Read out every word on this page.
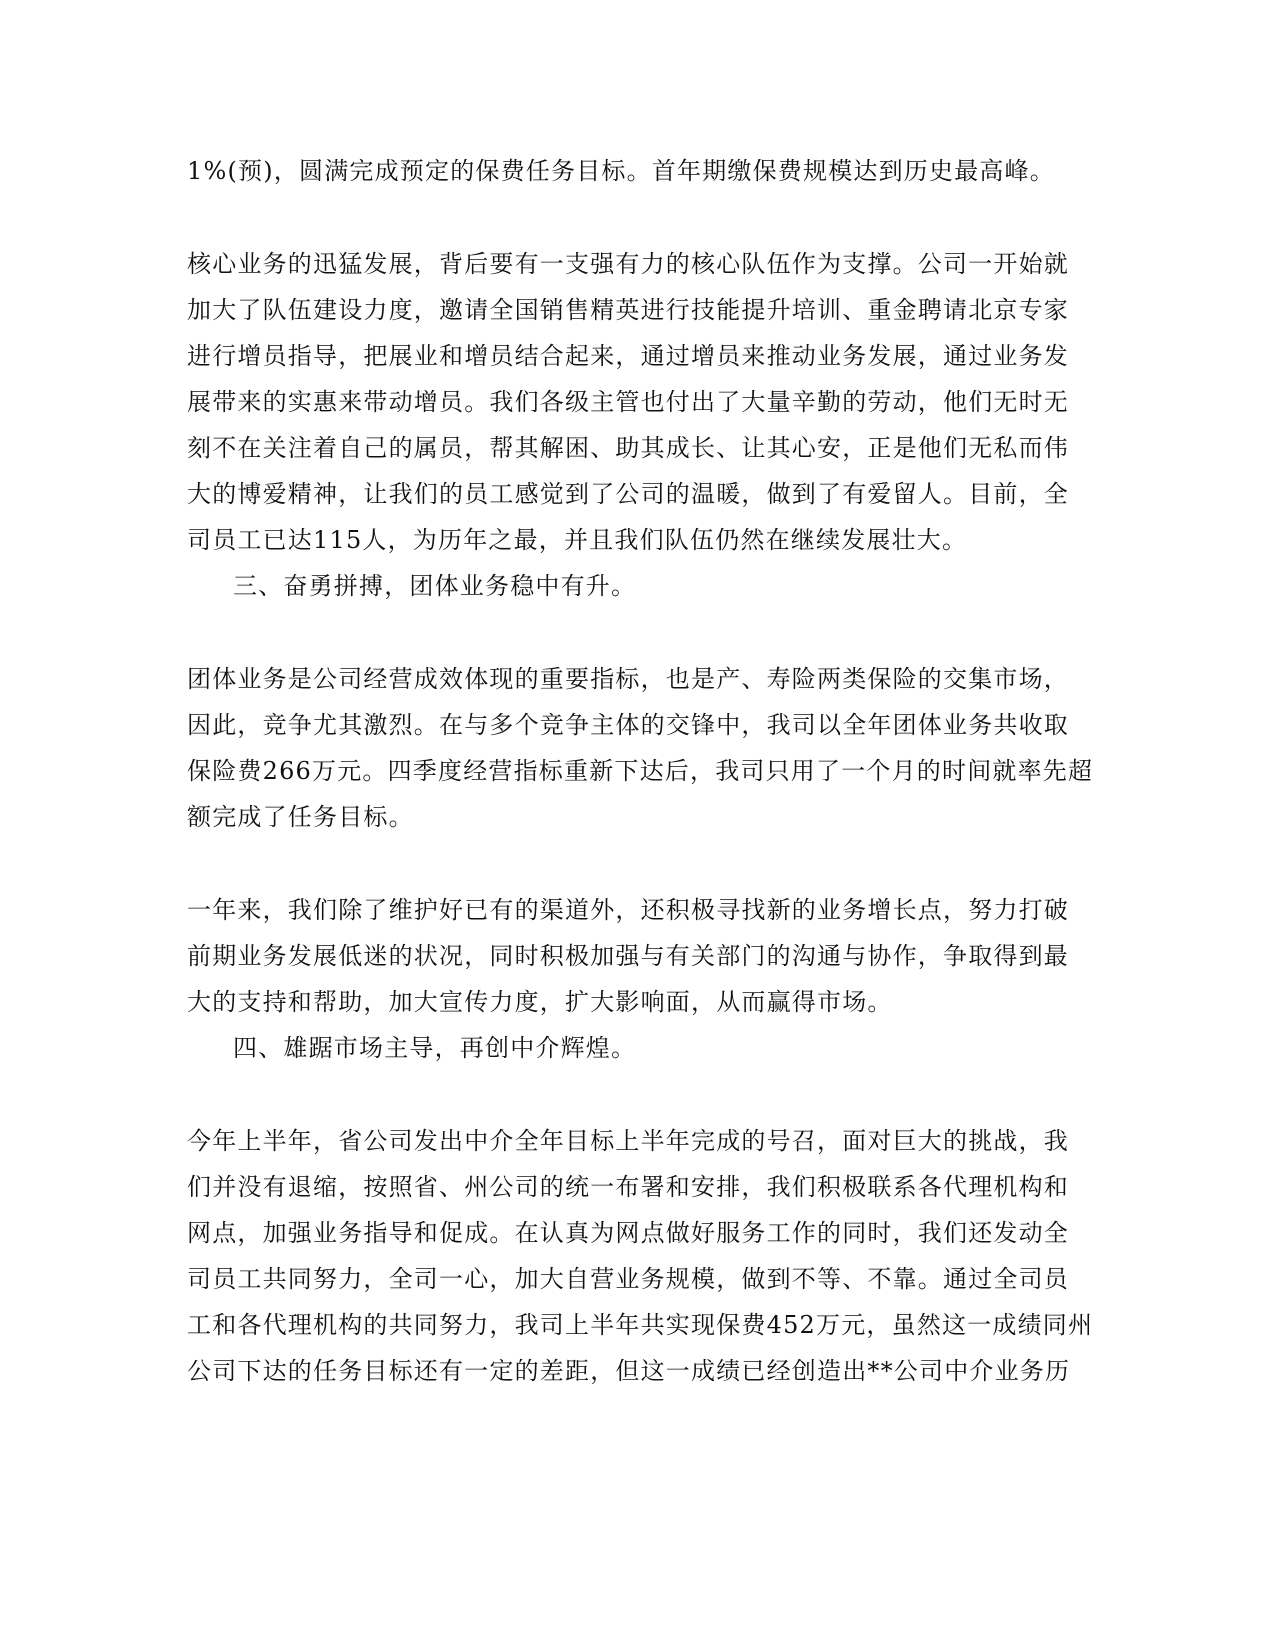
1%(预)，圆满完成预定的保费任务目标。首年期缴保费规模达到历史最高峰。
核心业务的迅猛发展，背后要有一支强有力的核心队伍作为支撑。公司一开始就
加大了队伍建设力度，邀请全国销售精英进行技能提升培训、重金聘请北京专家
进行增员指导，把展业和增员结合起来，通过增员来推动业务发展，通过业务发
展带来的实惠来带动增员。我们各级主管也付出了大量辛勤的劳动，他们无时无
刻不在关注着自己的属员，帮其解困、助其成长、让其心安，正是他们无私而伟
大的博爱精神，让我们的员工感觉到了公司的温暖，做到了有爱留人。目前，全
司员工已达115人，为历年之最，并且我们队伍仍然在继续发展壮大。
三、奋勇拼搏，团体业务稳中有升。
团体业务是公司经营成效体现的重要指标，也是产、寿险两类保险的交集市场，
因此，竞争尤其激烈。在与多个竞争主体的交锋中，我司以全年团体业务共收取
保险费266万元。四季度经营指标重新下达后，我司只用了一个月的时间就率先超
额完成了任务目标。
一年来，我们除了维护好已有的渠道外，还积极寻找新的业务增长点，努力打破
前期业务发展低迷的状况，同时积极加强与有关部门的沟通与协作，争取得到最
大的支持和帮助，加大宣传力度，扩大影响面，从而赢得市场。
四、雄踞市场主导，再创中介辉煌。
今年上半年，省公司发出中介全年目标上半年完成的号召，面对巨大的挑战，我
们并没有退缩，按照省、州公司的统一布署和安排，我们积极联系各代理机构和
网点，加强业务指导和促成。在认真为网点做好服务工作的同时，我们还发动全
司员工共同努力，全司一心，加大自营业务规模，做到不等、不靠。通过全司员
工和各代理机构的共同努力，我司上半年共实现保费452万元，虽然这一成绩同州
公司下达的任务目标还有一定的差距，但这一成绩已经创造出**公司中介业务历
